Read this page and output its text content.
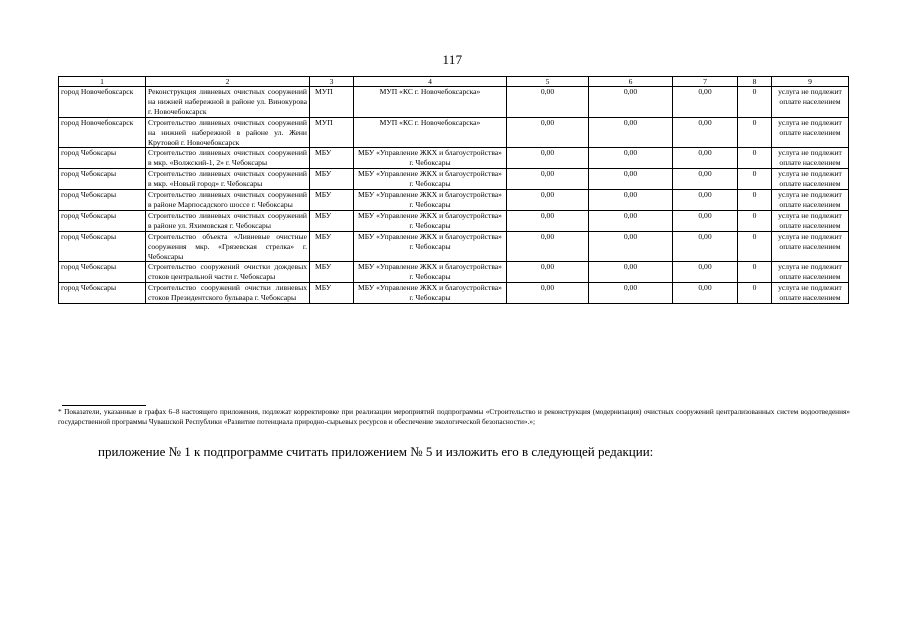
117
1	2	3	4	5	6	7	8	9
город Новочебоксарск	Реконструкция ливневых очистных сооружений на нижней набережной в районе ул. Винокурова г. Новочебоксарск	МУП	МУП «КС г. Новочебоксарска»	0,00	0,00	0,00	0	услуга не подлежит оплате населением
город Новочебоксарск	Строительство ливневых очистных сооружений на нижней набережной в районе ул. Жени Крутовой г. Новочебоксарск	МУП	МУП «КС г. Новочебоксарска»	0,00	0,00	0,00	0	услуга не подлежит оплате населением
город Чебоксары	Строительство ливневых очистных сооружений в мкр. «Волжский-1, 2» г. Чебоксары	МБУ	МБУ «Управление ЖКХ и благоустройства» г. Чебоксары	0,00	0,00	0,00	0	услуга не подлежит оплате населением
город Чебоксары	Строительство ливневых очистных сооружений в мкр. «Новый город» г. Чебоксары	МБУ	МБУ «Управление ЖКХ и благоустройства» г. Чебоксары	0,00	0,00	0,00	0	услуга не подлежит оплате населением
город Чебоксары	Строительство ливневых очистных сооружений в районе Марпосадского шоссе г. Чебоксары	МБУ	МБУ «Управление ЖКХ и благоустройства» г. Чебоксары	0,00	0,00	0,00	0	услуга не подлежит оплате населением
город Чебоксары	Строительство ливневых очистных сооружений в районе ул. Яхимовская г. Чебоксары	МБУ	МБУ «Управление ЖКХ и благоустройства» г. Чебоксары	0,00	0,00	0,00	0	услуга не подлежит оплате населением
город Чебоксары	Строительство объекта «Ливневые очистные сооружения мкр. «Грязевская стрелка» г. Чебоксары	МБУ	МБУ «Управление ЖКХ и благоустройства» г. Чебоксары	0,00	0,00	0,00	0	услуга не подлежит оплате населением
город Чебоксары	Строительство сооружений очистки дождевых стоков центральной части г. Чебоксары	МБУ	МБУ «Управление ЖКХ и благоустройства» г. Чебоксары	0,00	0,00	0,00	0	услуга не подлежит оплате населением
город Чебоксары	Строительство сооружений очистки ливневых стоков Президентского бульвара г. Чебоксары	МБУ	МБУ «Управление ЖКХ и благоустройства» г. Чебоксары	0,00	0,00	0,00	0	услуга не подлежит оплате населением
* Показатели, указанные в графах 6–8 настоящего приложения, подлежат корректировке при реализации мероприятий подпрограммы «Строительство и реконструкция (модернизация) очистных сооружений централизованных систем водоотведения» государственной программы Чувашской Республики «Развитие потенциала природно-сырьевых ресурсов и обеспечение экологической безопасности».»;
приложение № 1 к подпрограмме считать приложением № 5 и изложить его в следующей редакции:
